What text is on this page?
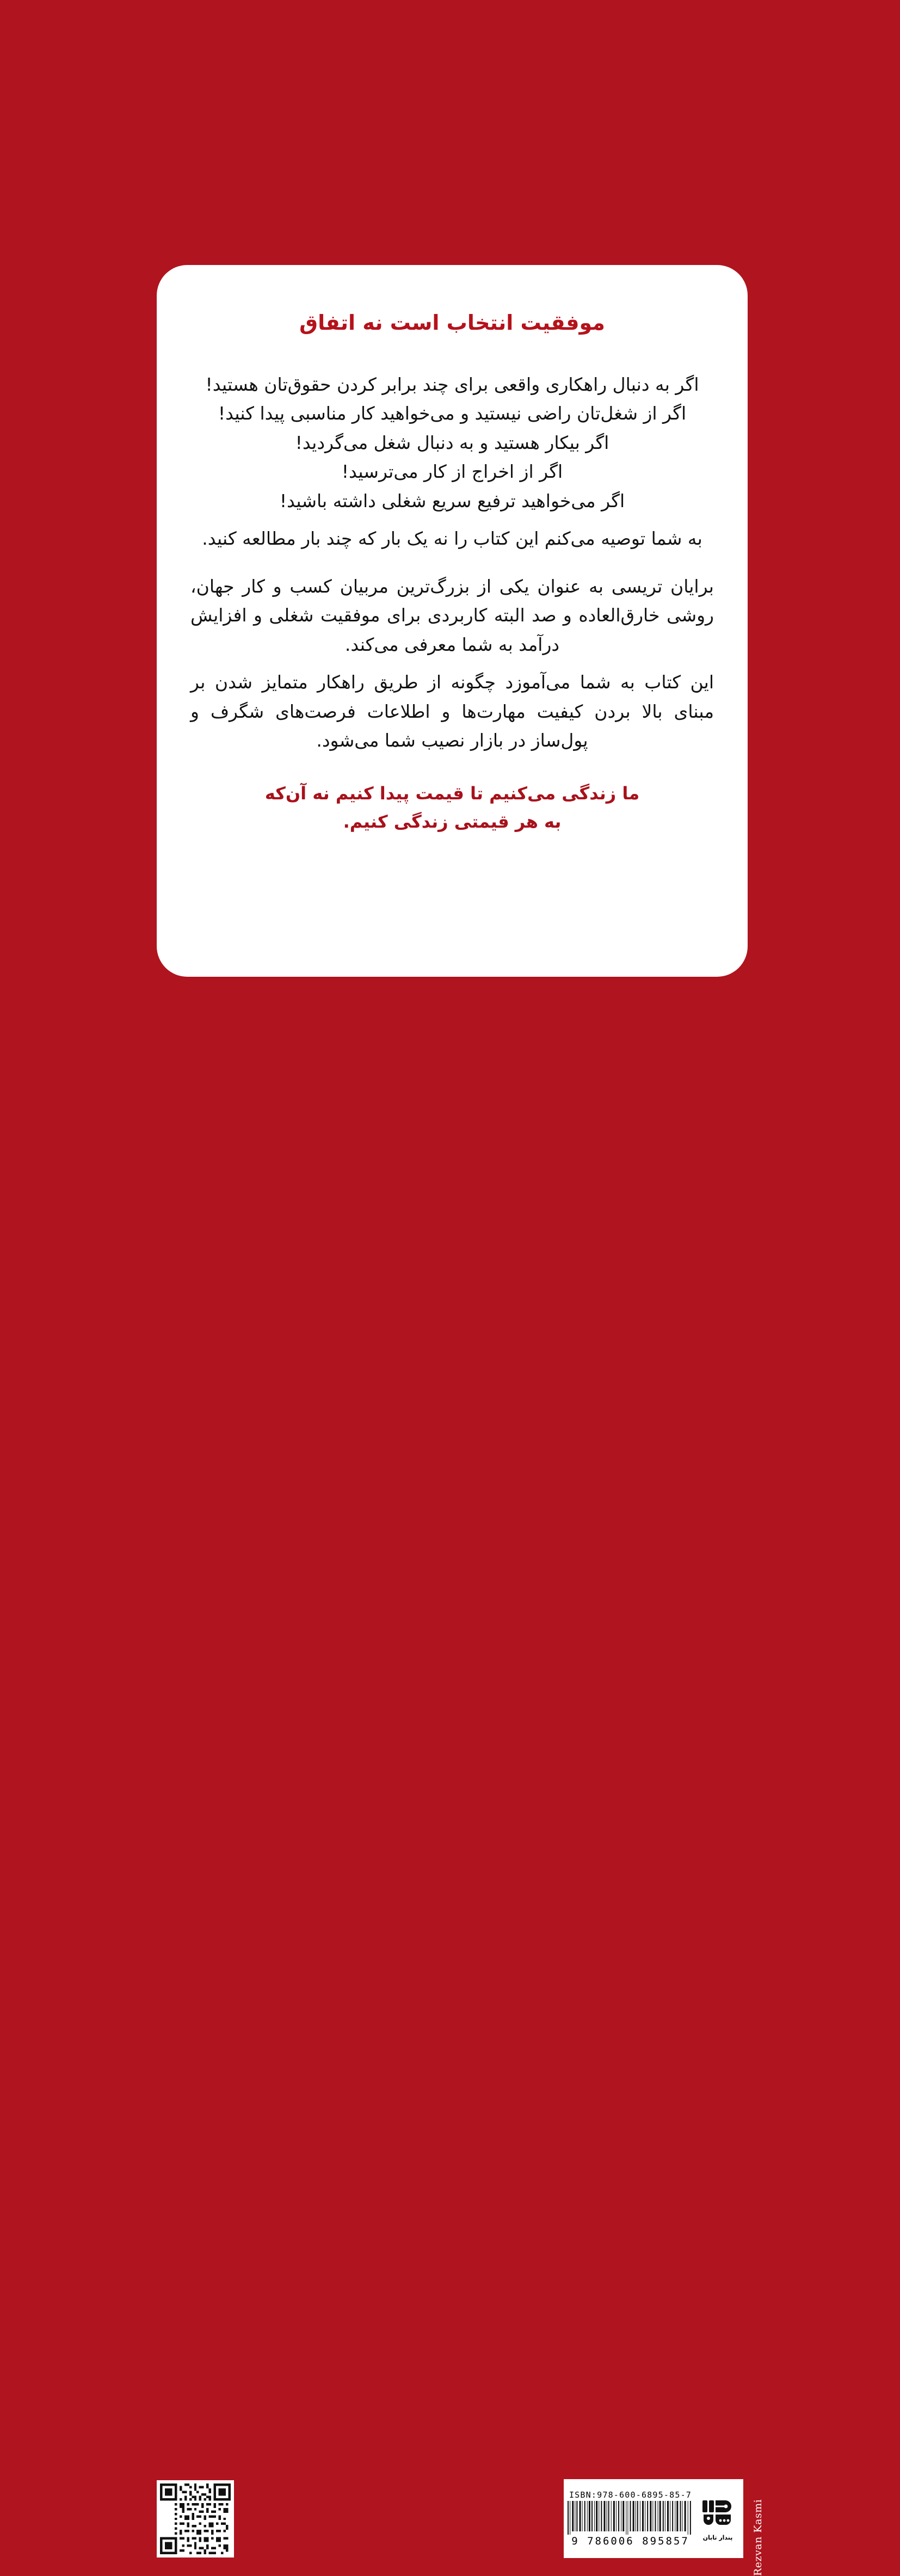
موفقیت انتخاب است نه اتفاق
اگر به دنبال راهکاری واقعی برای چند برابر کردن حقوق‌تان هستید!
اگر از شغل‌تان راضی نیستید و می‌خواهید کار مناسبی پیدا کنید!
اگر بیکار هستید و به دنبال شغل می‌گردید!
اگر از اخراج از کار می‌ترسید!
اگر می‌خواهید ترفیع سریع شغلی داشته باشید!

به شما توصیه می‌کنم این کتاب را نه یک بار که چند بار مطالعه کنید.

برایان تریسی به عنوان یکی از بزرگ‌ترین مربیان کسب و کار جهان، روشی خارق‌العاده و صد البته کاربردی برای موفقیت شغلی و افزایش درآمد به شما معرفی می‌کند.

این کتاب به شما می‌آموزد چگونه از طریق راهکار متمایز شدن بر مبنای بالا بردن کیفیت مهارت‌ها و اطلاعات فرصت‌های شگرف و پول‌ساز در بازار نصیب شما می‌شود.

ما زندگی می‌کنیم تا قیمت پیدا کنیم نه آن‌که
به هر قیمتی زندگی کنیم.
پندار تابان
ISBN:978-600-6895-85-7
9 786006 895857	Rezvan Kasmi
